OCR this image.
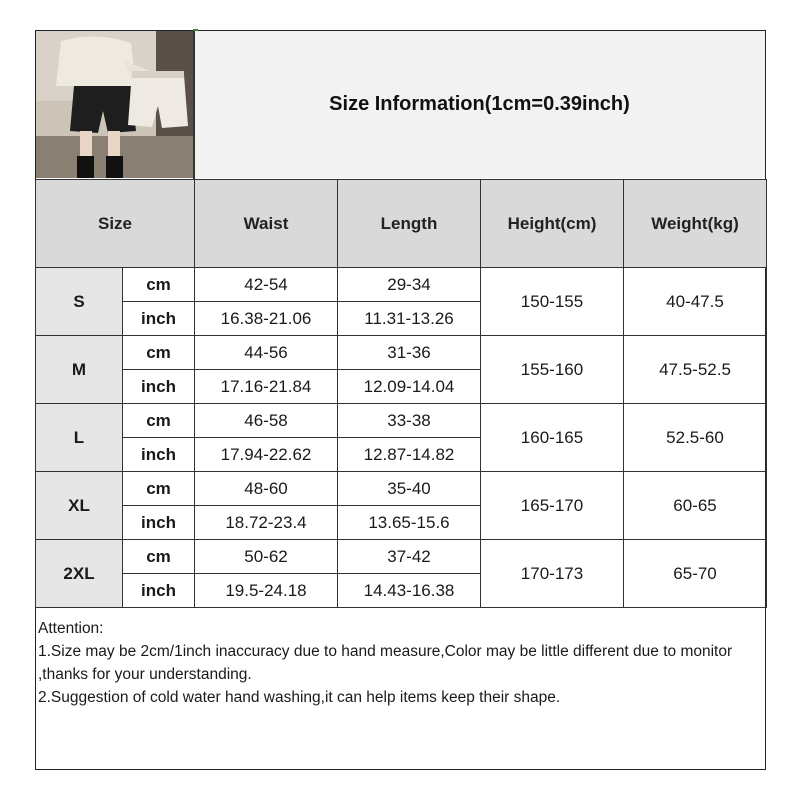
Size Information(1cm=0.39inch)
Size		Waist	Length	Height(cm)	Weight(kg)
S	cm	42-54	29-34	150-155	40-47.5
	inch	16.38-21.06	11.31-13.26		
M	cm	44-56	31-36	155-160	47.5-52.5
	inch	17.16-21.84	12.09-14.04		
L	cm	46-58	33-38	160-165	52.5-60
	inch	17.94-22.62	12.87-14.82		
XL	cm	48-60	35-40	165-170	60-65
	inch	18.72-23.4	13.65-15.6		
2XL	cm	50-62	37-42	170-173	65-70
	inch	19.5-24.18	14.43-16.38		
Attention:
1.Size may be 2cm/1inch inaccuracy due to hand measure,Color may be little different due to monitor ,thanks for your understanding.
2.Suggestion of cold water hand washing,it can help items keep their shape.
